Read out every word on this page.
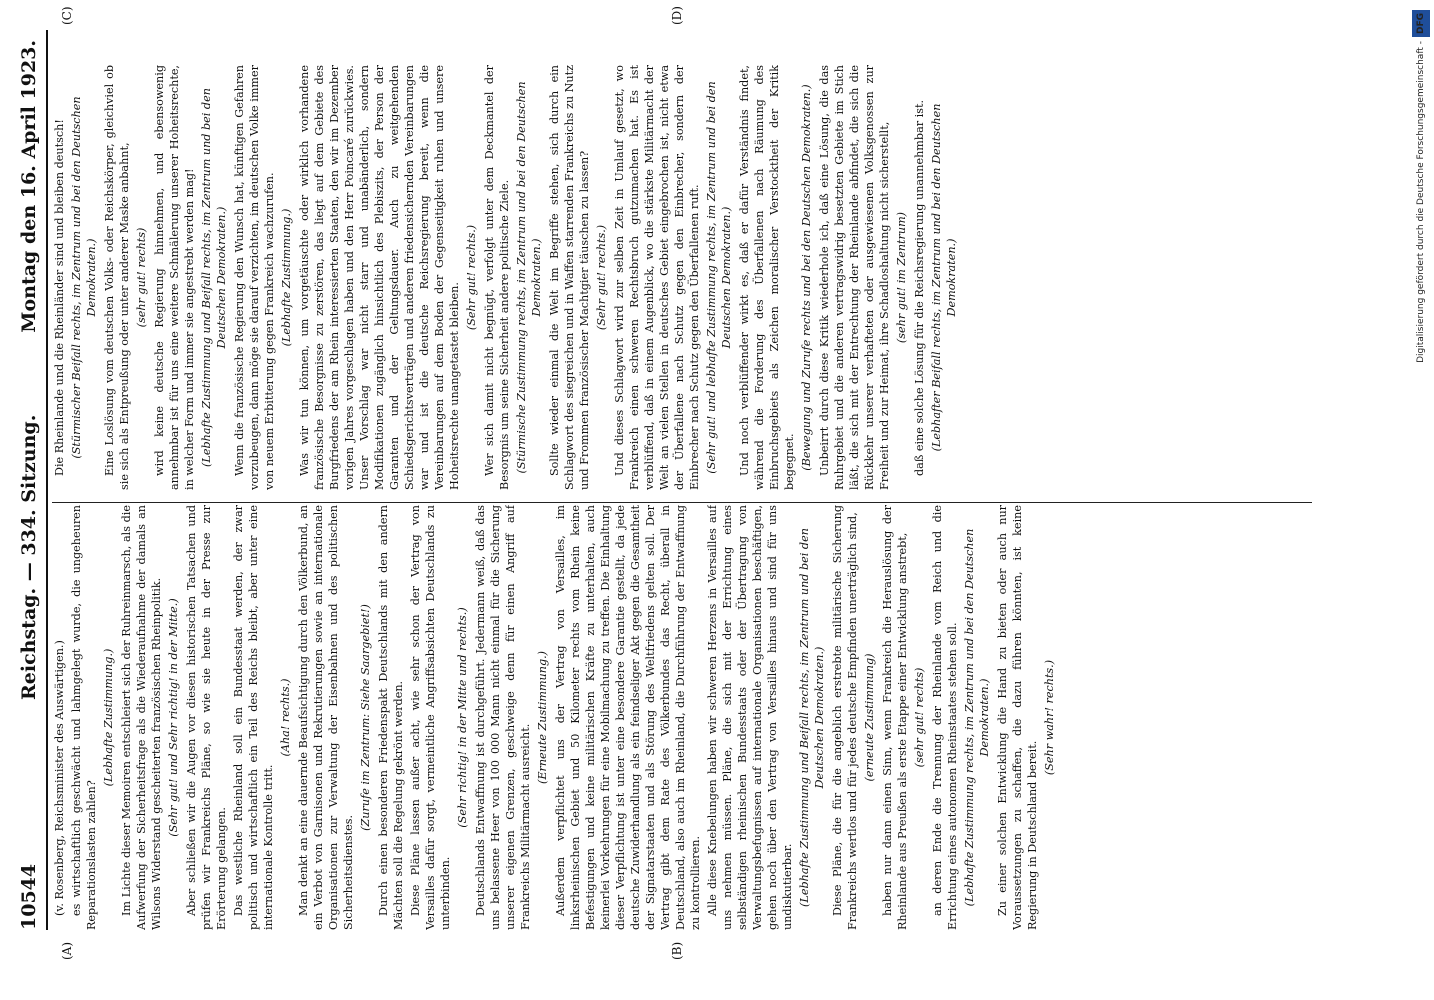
10544
Reichstag. — 334. Sitzung.
Montag den 16. April 1923.
(A)	(B)
(C)	(D)

(v. Rosenberg, Reichsminister des Auswärtigen.) es wirtschaftlich geschwächt und lahmgelegt wurde, die ungeheuren Reparationslasten zahlen?

(Lebhafte Zustimmung.) Im Lichte dieser Memoiren entschleiert sich der Ruhreinmarsch, als die Aufwerfung der Sicherheitsfrage als die Wiederaufnahme der damals an Wilsons Widerstand gescheiterten französischen Rheinpolitik. (Sehr gut! und Sehr richtig! in der Mitte.) Aber schließen wir die Augen vor diesen historischen Tatsachen und prüfen wir Frankreichs Pläne, so wie sie heute in der Presse zur Erörterung gelangen. Das westliche Rheinland soll ein Bundesstaat werden, der zwar politisch und wirtschaftlich ein Teil des Reichs bleibt, aber unter eine internationale Kontrolle tritt.

(Aha! rechts.) Man denkt an eine dauernde Beaufsichtigung durch den Völkerbund, an ein Verbot von Garnisonen und Rekrutierungen sowie an internationale Organisationen zur Verwaltung der Eisenbahnen und des politischen Sicherheitsdienstes.

(Zurufe im Zentrum: Siehe Saargebiet!) Durch einen besonderen Friedenspakt Deutschlands mit den andern Mächten soll die Regelung gekrönt werden. Diese Pläne lassen außer acht, wie sehr schon der Vertrag von Versailles dafür sorgt, vermeintliche Angriffsabsichten Deutschlands zu unterbinden.

(Sehr richtig! in der Mitte und rechts.) Deutschlands Entwaffnung ist durchgeführt. Jedermann weiß, daß das uns belassene Heer von 100 000 Mann nicht einmal für die Sicherung unserer eigenen Grenzen, geschweige denn für einen Angriff auf Frankreichs Militärmacht ausreicht.

(Erneute Zustimmung.) Außerdem verpflichtet uns der Vertrag von Versailles, im linksrheinischen Gebiet und 50 Kilometer rechts vom Rhein keine Befestigungen und keine militärischen Kräfte zu unterhalten, auch keinerlei Vorkehrungen für eine Mobilmachung zu treffen. Die Einhaltung dieser Verpflichtung ist unter eine besondere Garantie gestellt, da jede deutsche Zuwiderhandlung als ein feindseliger Akt gegen die Gesamtheit der Signatarstaaten und als Störung des Weltfriedens gelten soll. Der Vertrag gibt dem Rate des Völkerbundes das Recht, überall in Deutschland, also auch im Rheinland, die Durchführung der Entwaffnung zu kontrollieren. Alle diese Knebelungen haben wir schweren Herzens in Versailles auf uns nehmen müssen. Pläne, die sich mit der Errichtung eines selbständigen rheinischen Bundesstaats oder der Übertragung von Verwaltungsbefugnissen auf internationale Organisationen beschäftigen, gehen noch über den Vertrag von Versailles hinaus und sind für uns undiskutierbar. (Lebhafte Zustimmung und Beifall rechts, im Zentrum und bei den Deutschen Demokraten.) Diese Pläne, die für die angeblich erstrebte militärische Sicherung Frankreichs wertlos und für jedes deutsche Empfinden unerträglich sind, (erneute Zustimmung) haben nur dann einen Sinn, wenn Frankreich die Herauslösung der Rheinlande aus Preußen als erste Etappe einer Entwicklung anstrebt, (sehr gut! rechts) an deren Ende die Trennung der Rheinlande vom Reich und die Errichtung eines autonomen Rheinstaates stehen soll. (Lebhafte Zustimmung rechts, im Zentrum und bei den Deutschen Demokraten.) Zu einer solchen Entwicklung die Hand zu bieten oder auch nur Voraussetzungen zu schaffen, die dazu führen könnten, ist keine Regierung in Deutschland bereit.

(Sehr wahr! rechts.)

Die Rheinlande und die Rheinländer sind und bleiben deutsch! (Stürmischer Beifall rechts, im Zentrum und bei den Deutschen Demokraten.) Eine Loslösung vom deutschen Volks- oder Reichskörper, gleichviel ob sie sich als Entpreußung oder unter anderer Maske anbahnt, (sehr gut! rechts) wird keine deutsche Regierung hinnehmen, und ebensowenig annehmbar ist für uns eine weitere Schmälerung unserer Hoheitsrechte, in welcher Form und immer sie angestrebt werden mag! (Lebhafte Zustimmung und Beifall rechts, im Zentrum und bei den Deutschen Demokraten.) Wenn die französische Regierung den Wunsch hat, künftigen Gefahren vorzubeugen, dann möge sie darauf verzichten, im deutschen Volke immer von neuem Erbitterung gegen Frankreich wachzurufen. (Lebhafte Zustimmung.) Was wir tun können, um vorgetäuschte oder wirklich vorhandene französische Besorgnisse zu zerstören, das liegt auf dem Gebiete des Burgfriedens der am Rhein interessierten Staaten, den wir im Dezember vorigen Jahres vorgeschlagen haben und den Herr Poincaré zurückwies. Unser Vorschlag war nicht starr und unabänderlich, sondern Modifikationen zugänglich hinsichtlich des Plebiszits, der Person der Garanten und der Geltungsdauer. Auch zu weitgehenden Schiedsgerichtsverträgen und anderen friedensichernden Vereinbarungen war und ist die deutsche Reichsregierung bereit, wenn die Vereinbarungen auf dem Boden der Gegenseitigkeit ruhen und unsere Hoheitsrechte unangetastet bleiben.

(Sehr gut! rechts.) Wer sich damit nicht begnügt, verfolgt unter dem Deckmantel der Besorgnis um seine Sicherheit andere politische Ziele. (Stürmische Zustimmung rechts, im Zentrum und bei den Deutschen Demokraten.) Sollte wieder einmal die Welt im Begriffe stehen, sich durch ein Schlagwort des siegreichen und in Waffen starrenden Frankreichs zu Nutz und Frommen französischer Machtgier täuschen zu lassen? (Sehr gut! rechts.) Und dieses Schlagwort wird zur selben Zeit in Umlauf gesetzt, wo Frankreich einen schweren Rechtsbruch gutzumachen hat. Es ist verblüffend, daß in einem Augenblick, wo die stärkste Militärmacht der Welt an vielen Stellen in deutsches Gebiet eingebrochen ist, nicht etwa der Überfallene nach Schutz gegen den Einbrecher, sondern der Einbrecher nach Schutz gegen den Überfallenen ruft. (Sehr gut! und lebhafte Zustimmung rechts, im Zentrum und bei den Deutschen Demokraten.) Und noch verblüffender wirkt es, daß er dafür Verständnis findet, während die Forderung des Überfallenen nach Räumung des Einbruchsgebiets als Zeichen moralischer Verstocktheit der Kritik begegnet. (Bewegung und Zurufe rechts und bei den Deutschen Demokraten.) Unbeirrt durch diese Kritik wiederhole ich, daß eine Lösung, die das Ruhrgebiet und die anderen vertragswidrig besetzten Gebiete im Stich läßt, die sich mit der Entrechtung der Rheinlande abfindet, die sich die Rückkehr unserer verhafteten oder ausgewiesenen Volksgenossen zur Freiheit und zur Heimat, ihre Schadloshaltung nicht sicherstellt, (sehr gut! im Zentrum) daß eine solche Lösung für die Reichsregierung unannehmbar ist. (Lebhafter Beifall rechts, im Zentrum und bei den Deutschen Demokraten.)	Digitalisierung gefördert durch die Deutsche Forschungsgemeinschaft -DFG
